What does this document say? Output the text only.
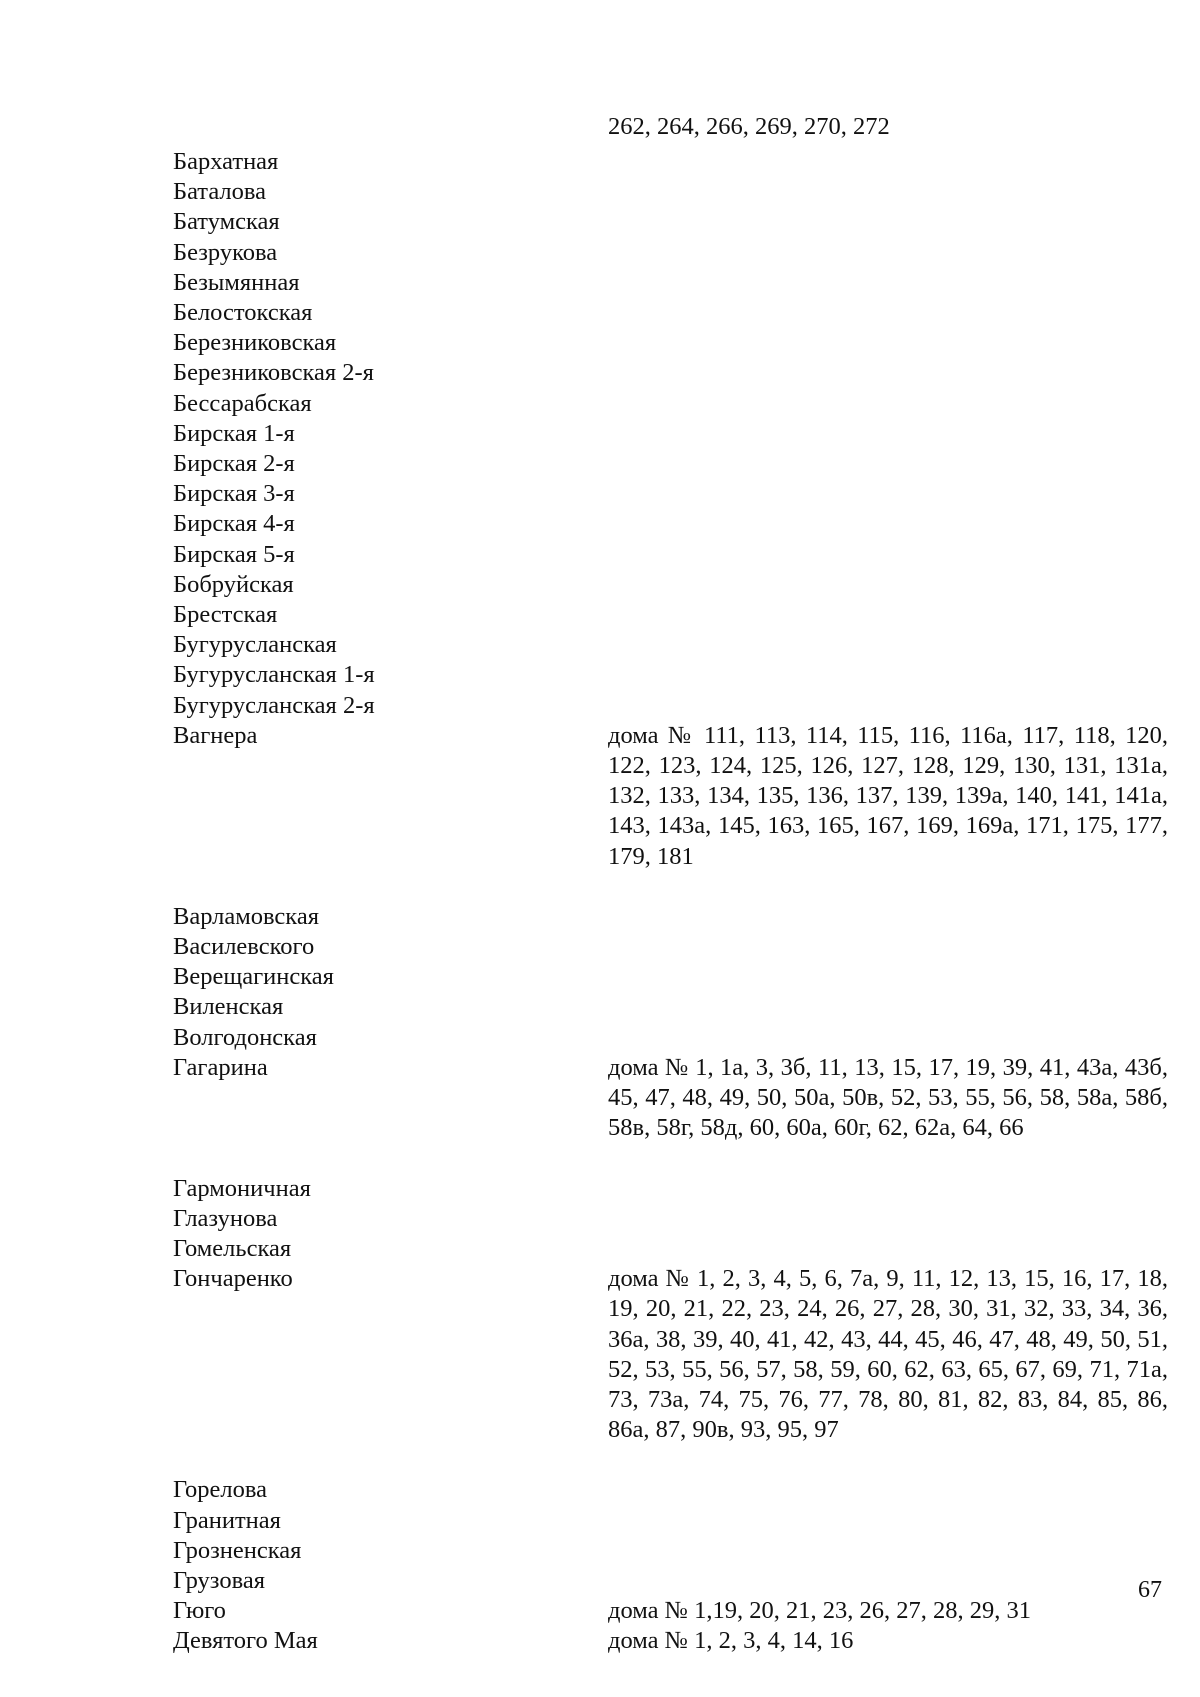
262, 264, 266, 269, 270, 272
Бархатная
Баталова
Батумская
Безрукова
Безымянная
Белостокская
Березниковская
Березниковская 2-я
Бессарабская
Бирская 1-я
Бирская 2-я
Бирская 3-я
Бирская 4-я
Бирская 5-я
Бобруйская
Брестская
Бугурусланская
Бугурусланская 1-я
Бугурусланская 2-я
Вагнера	дома № 111, 113, 114, 115, 116, 116а, 117, 118, 120, 122, 123, 124, 125, 126, 127, 128, 129, 130, 131, 131а, 132, 133, 134, 135, 136, 137, 139, 139а, 140, 141, 141а, 143, 143а, 145, 163, 165, 167, 169, 169а, 171, 175, 177, 179, 181
Варламовская
Василевского
Верещагинская
Виленская
Волгодонская
Гагарина	дома № 1, 1а, 3, 3б, 11, 13, 15, 17, 19, 39, 41, 43а, 43б, 45, 47, 48, 49, 50, 50а, 50в, 52, 53, 55, 56, 58, 58а, 58б, 58в, 58г, 58д, 60, 60а, 60г, 62, 62а, 64, 66
Гармоничная
Глазунова
Гомельская
Гончаренко	дома № 1, 2, 3, 4, 5, 6, 7а, 9, 11, 12, 13, 15, 16, 17, 18, 19, 20, 21, 22, 23, 24, 26, 27, 28, 30, 31, 32, 33, 34, 36, 36а, 38, 39, 40, 41, 42, 43, 44, 45, 46, 47, 48, 49, 50, 51, 52, 53, 55, 56, 57, 58, 59, 60, 62, 63, 65, 67, 69, 71, 71а, 73, 73а, 74, 75, 76, 77, 78, 80, 81, 82, 83, 84, 85, 86, 86а, 87, 90в, 93, 95, 97
Горелова
Гранитная
Грозненская
Грузовая
Гюго	дома № 1,19, 20, 21, 23, 26, 27, 28, 29, 31
Девятого Мая	дома № 1, 2, 3, 4, 14, 16
67
